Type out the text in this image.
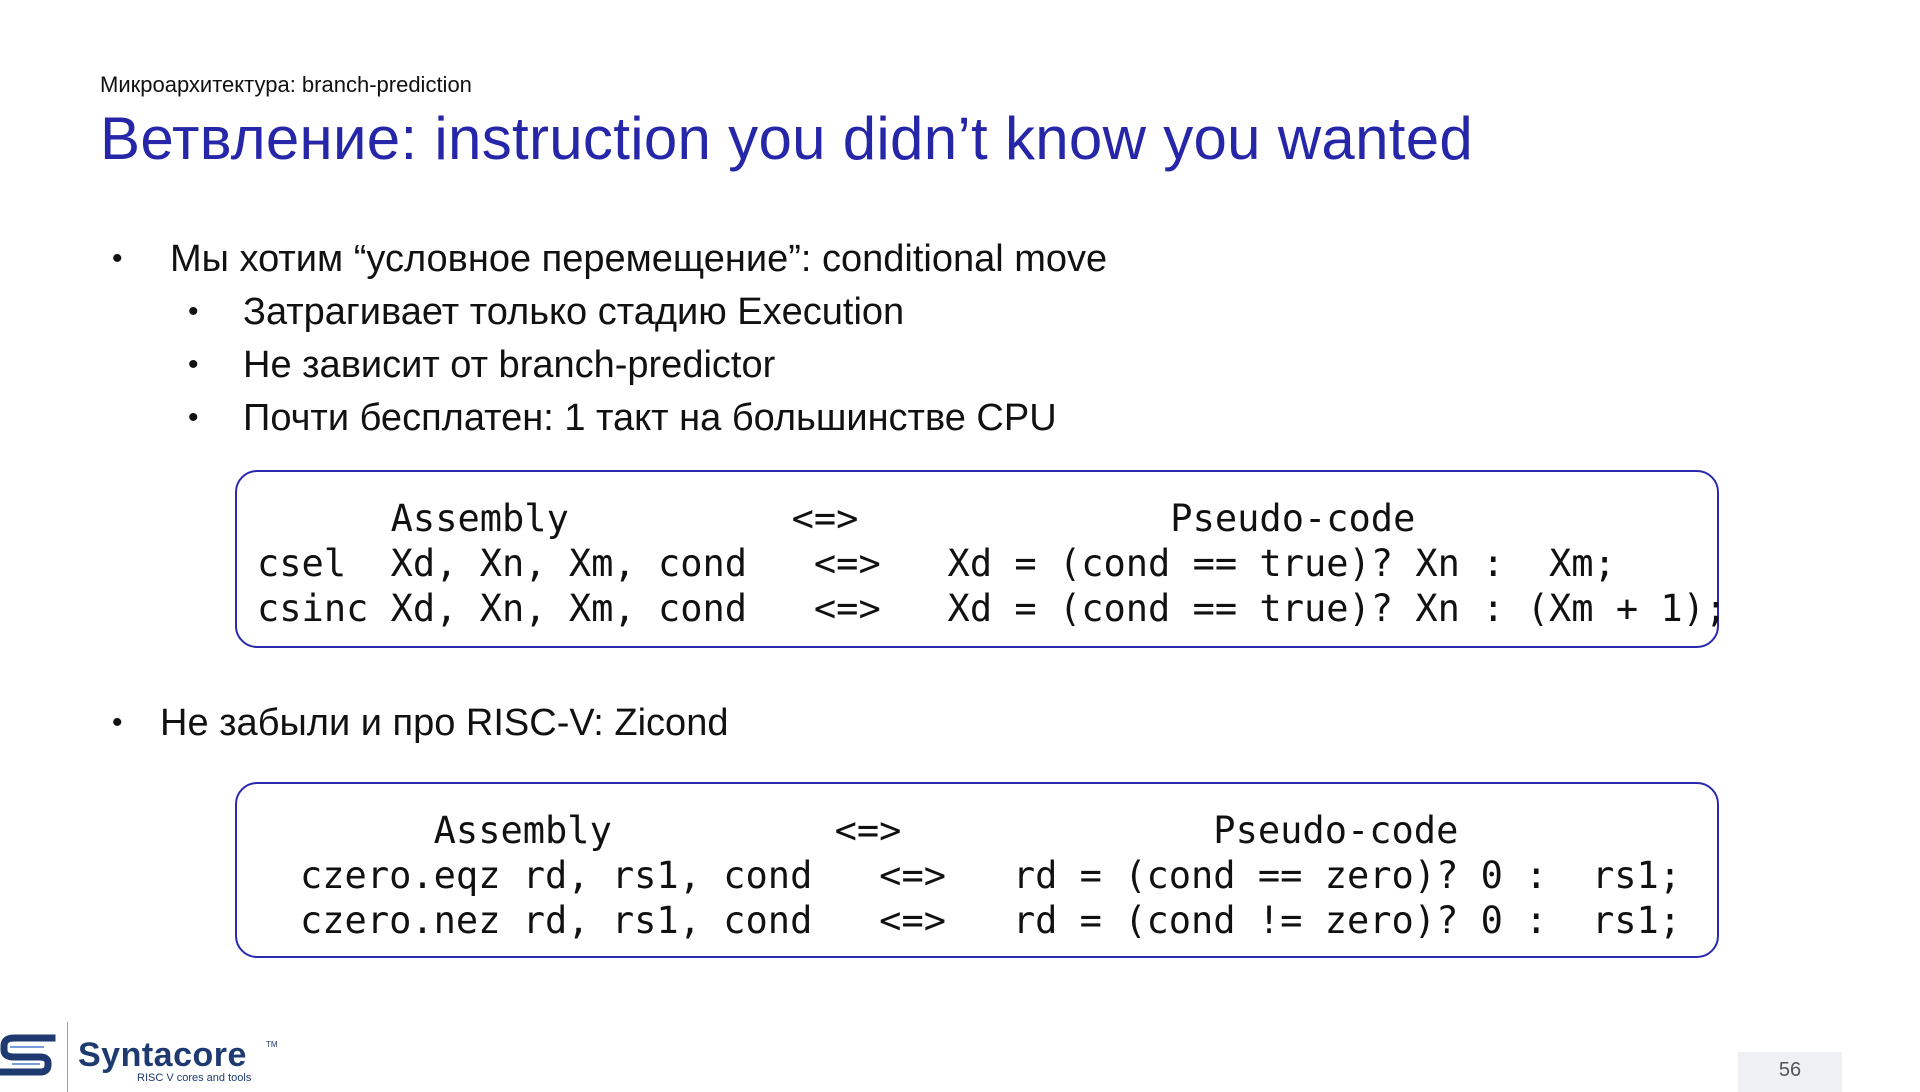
Микроархитектура: branch-prediction
Ветвление: instruction you didn’t know you wanted
• Мы хотим “условное перемещение”: conditional move
• Затрагивает только стадию Execution
• Не зависит от branch-predictor
• Почти бесплатен: 1 такт на большинстве CPU
Assembly          <=>              Pseudo-code
csel  Xd, Xn, Xm, cond   <=>   Xd = (cond == true)? Xn :  Xm;
csinc Xd, Xn, Xm, cond   <=>   Xd = (cond == true)? Xn : (Xm + 1);
• Не забыли и про RISC-V: Zicond
Assembly          <=>              Pseudo-code
czero.eqz rd, rs1, cond   <=>   rd = (cond == zero)? 0 :  rs1;
czero.nez rd, rs1, cond   <=>   rd = (cond != zero)? 0 :  rs1;
Syntacore TM
RISC V cores and tools	56
